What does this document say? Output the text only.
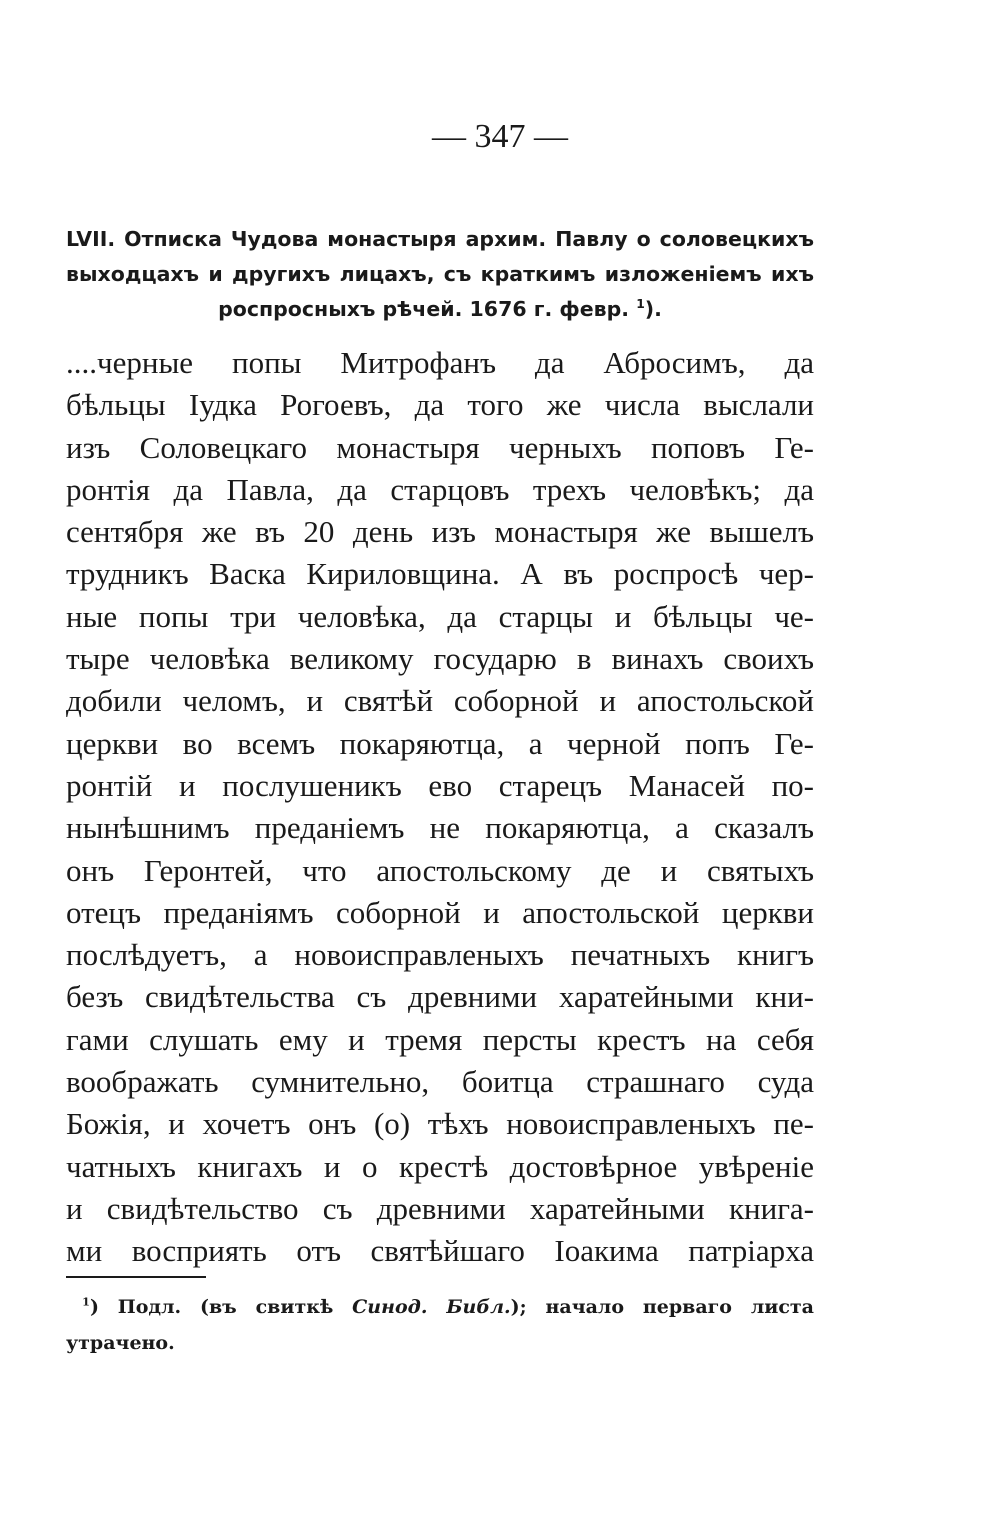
— 347 —
LVII. Отписка Чудова монастыря архим. Павлу о соловецкихъ
выходцахъ и другихъ лицахъ, съ краткимъ изложенiемъ ихъ
роспросныхъ рѣчей. 1676 г. февр. $^1$).
....черные попы Митрофанъ да Абросимъ, да
бѣльцы Іудка Рогоевъ, да того же числа выслали
изъ Соловецкаго монастыря черныхъ поповъ Ге-
ронтiя да Павла, да старцовъ трехъ человѣкъ; да
сентября же въ 20 день изъ монастыря же вышелъ
трудникъ Васка Кириловщина. А въ роспросѣ чер-
ные попы три человѣка, да старцы и бѣльцы че-
тыре человѣка великому государю в винахъ своихъ
добили челомъ, и святѣй соборной и апостольской
церкви во всемъ покаряютца, а черной попъ Ге-
ронтiй и послушеникъ ево старецъ Манасей по-
нынѣшнимъ преданiемъ не покаряютца, а сказалъ
онъ Геронтей, что апостольскому де и святыхъ
отецъ преданiямъ соборной и апостольской церкви
послѣдуетъ, а новоисправленыхъ печатныхъ книгъ
безъ свидѣтельства съ древними харатейными кни-
гами слушать ему и тремя персты крестъ на себя
воображать сумнительно, боитца страшнаго суда
Божiя, и хочетъ онъ (о) тѣхъ новоисправленыхъ пе-
чатныхъ книгахъ и о крестѣ достовѣрное увѣренiе
и свидѣтельство съ древними харатейными книга-
ми восприять отъ святѣйшаго Іоакима патрiарха
$^1$) Подл. (въ свиткѣ Синод. Библ.); начало перваго листа
утрачено.
